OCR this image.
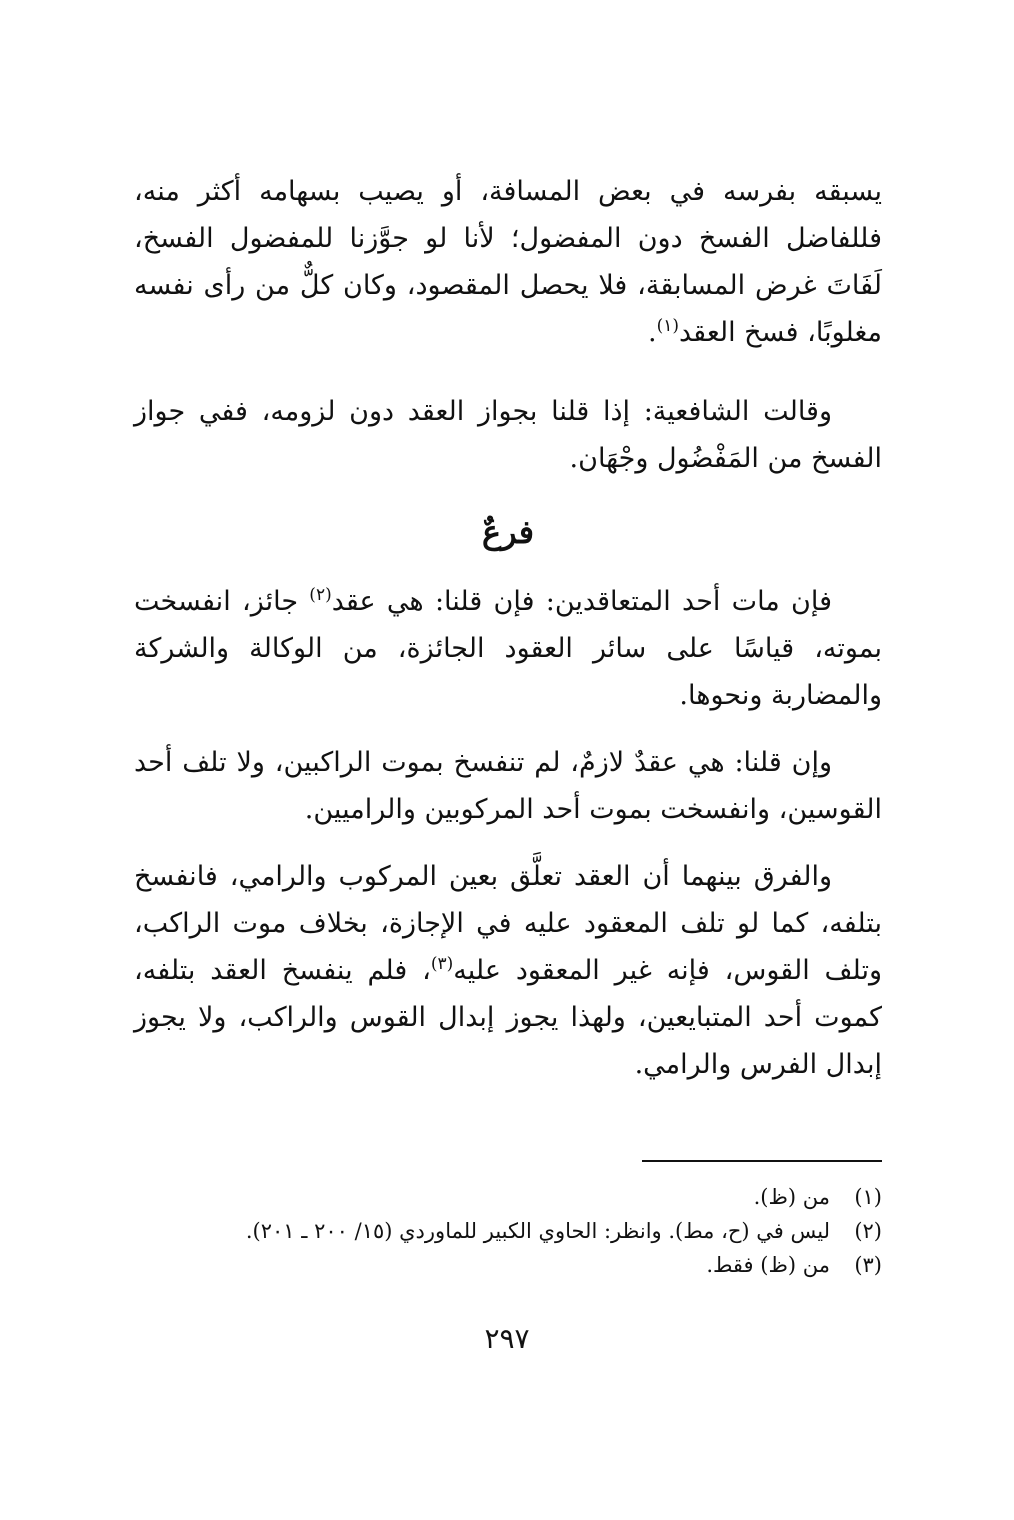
يسبقه بفرسه في بعض المسافة، أو يصيب بسهامه أكثر منه، فللفاضل الفسخ دون المفضول؛ لأنا لو جوَّزنا للمفضول الفسخ، لَفَاتَ غرض المسابقة، فلا يحصل المقصود، وكان كلٌّ من رأى نفسه مغلوبًا، فسخ العقد$^{(١)}$.

وقالت الشافعية: إذا قلنا بجواز العقد دون لزومه، ففي جواز الفسخ من المَفْضُول وجْهَان.

فرعٌ

فإن مات أحد المتعاقدين: فإن قلنا: هي عقد$^{(٢)}$ جائز، انفسخت بموته، قياسًا على سائر العقود الجائزة، من الوكالة والشركة والمضاربة ونحوها.

وإن قلنا: هي عقدٌ لازمٌ، لم تنفسخ بموت الراكبين، ولا تلف أحد القوسين، وانفسخت بموت أحد المركوبين والراميين.

والفرق بينهما أن العقد تعلَّق بعين المركوب والرامي، فانفسخ بتلفه، كما لو تلف المعقود عليه في الإجازة، بخلاف موت الراكب، وتلف القوس، فإنه غير المعقود عليه$^{(٣)}$، فلم ينفسخ العقد بتلفه، كموت أحد المتبايعين، ولهذا يجوز إبدال القوس والراكب، ولا يجوز إبدال الفرس والرامي.

(١)
من (ظ).
(٢)
ليس في (ح، مط). وانظر: الحاوي الكبير للماوردي (١٥/ ٢٠٠ ـ ٢٠١).
(٣)
من (ظ) فقط.
٢٩٧
